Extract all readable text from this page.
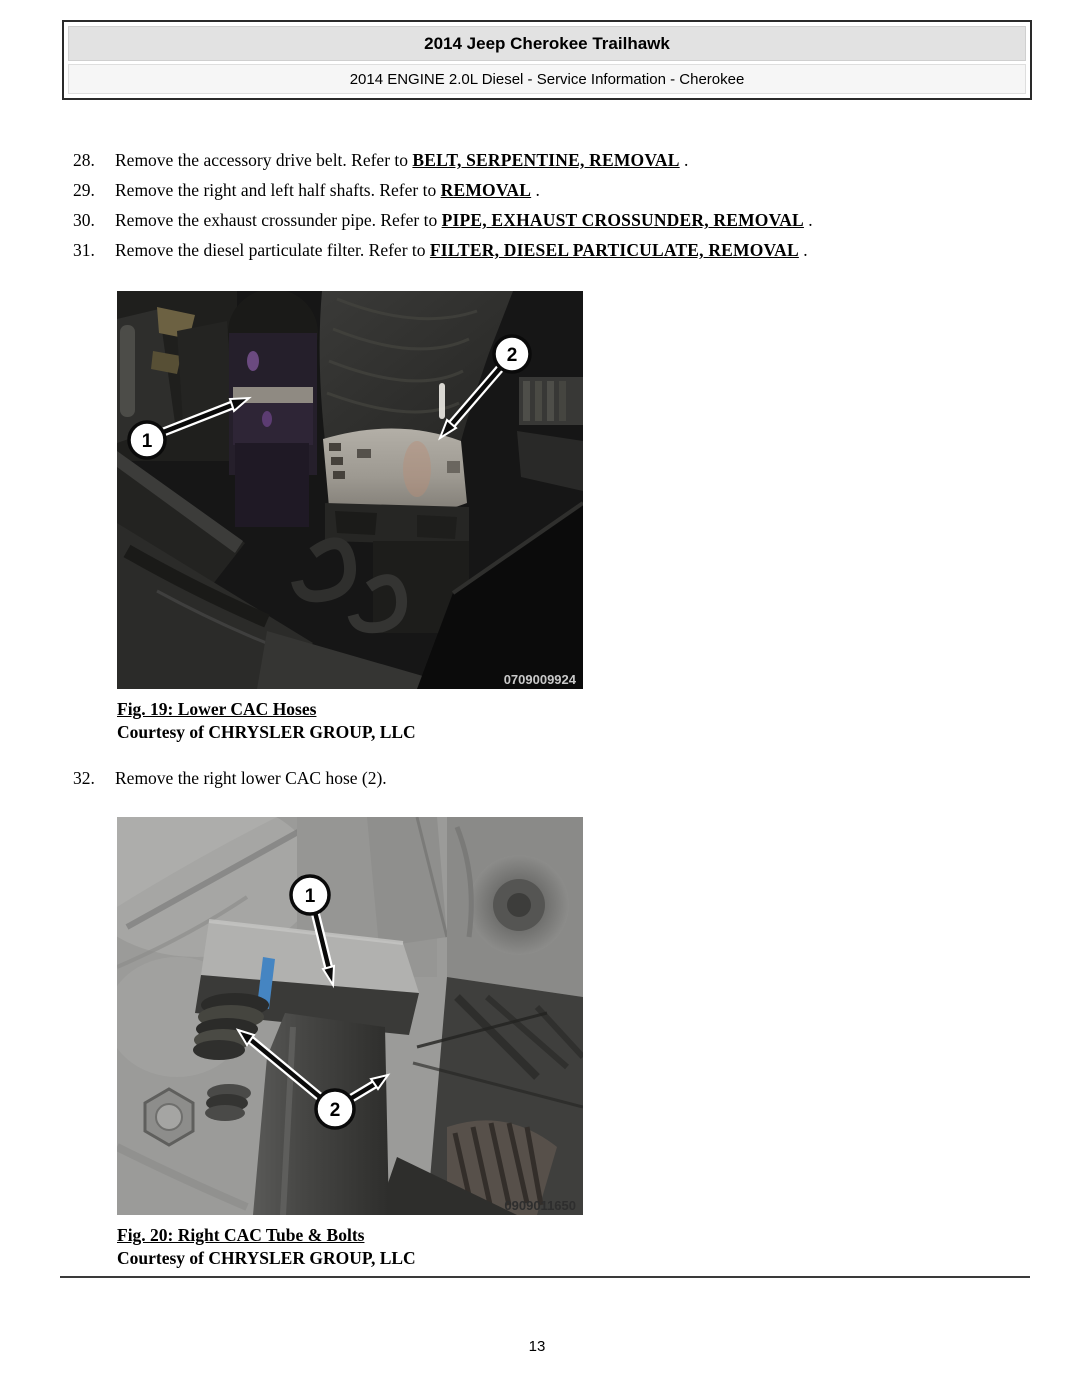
2014 Jeep Cherokee Trailhawk
2014 ENGINE 2.0L Diesel - Service Information - Cherokee
28.	Remove the accessory drive belt. Refer to BELT, SERPENTINE, REMOVAL .
29.	Remove the right and left half shafts. Refer to REMOVAL .
30.	Remove the exhaust crossunder pipe. Refer to PIPE, EXHAUST CROSSUNDER, REMOVAL .
31.	Remove the diesel particulate filter. Refer to FILTER, DIESEL PARTICULATE, REMOVAL .
0709009924
1
2
Fig. 19: Lower CAC Hoses
Courtesy of CHRYSLER GROUP, LLC
32.	Remove the right lower CAC hose (2).
0909011650
1
2
Fig. 20: Right CAC Tube & Bolts
Courtesy of CHRYSLER GROUP, LLC
13
